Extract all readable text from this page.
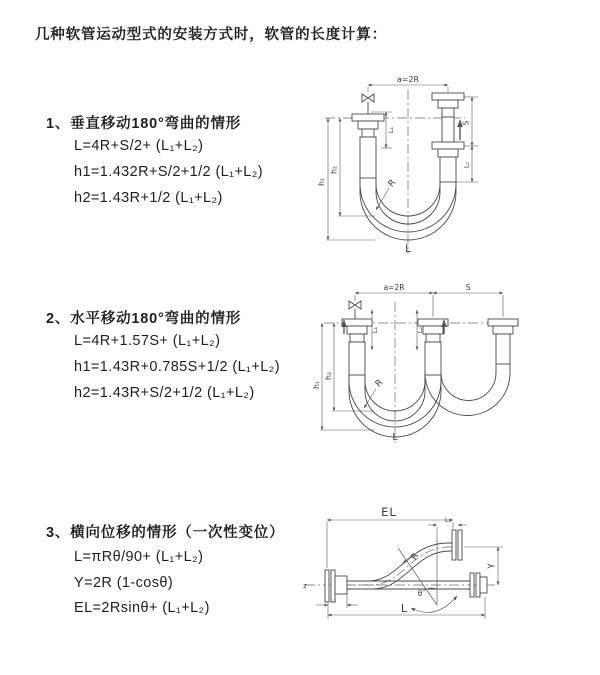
几种软管运动型式的安装方式时，软管的长度计算：
1、垂直移动180°弯曲的情形
L=4R+S/2+ (L₁+L₂)
h1=1.432R+S/2+1/2 (L₁+L₂)
h2=1.43R+1/2 (L₁+L₂)
2、水平移动180°弯曲的情形
L=4R+1.57S+ (L₁+L₂)
h1=1.43R+0.785S+1/2 (L₁+L₂)
h2=1.43R+S/2+1/2 (L₁+L₂)
3、横向位移的情形（一次性变位）
L=πRθ/90+ (L₁+L₂)
Y=2R (1-cosθ)
EL=2Rsinθ+ (L₁+L₂)
a=2R
h₁
h₂
L₁
S
L₂
R
L
a=2R	S
h₁
h₂
L₁	L₂
R
L
EL
L₁
Y
R
θ
L
L₂
z
